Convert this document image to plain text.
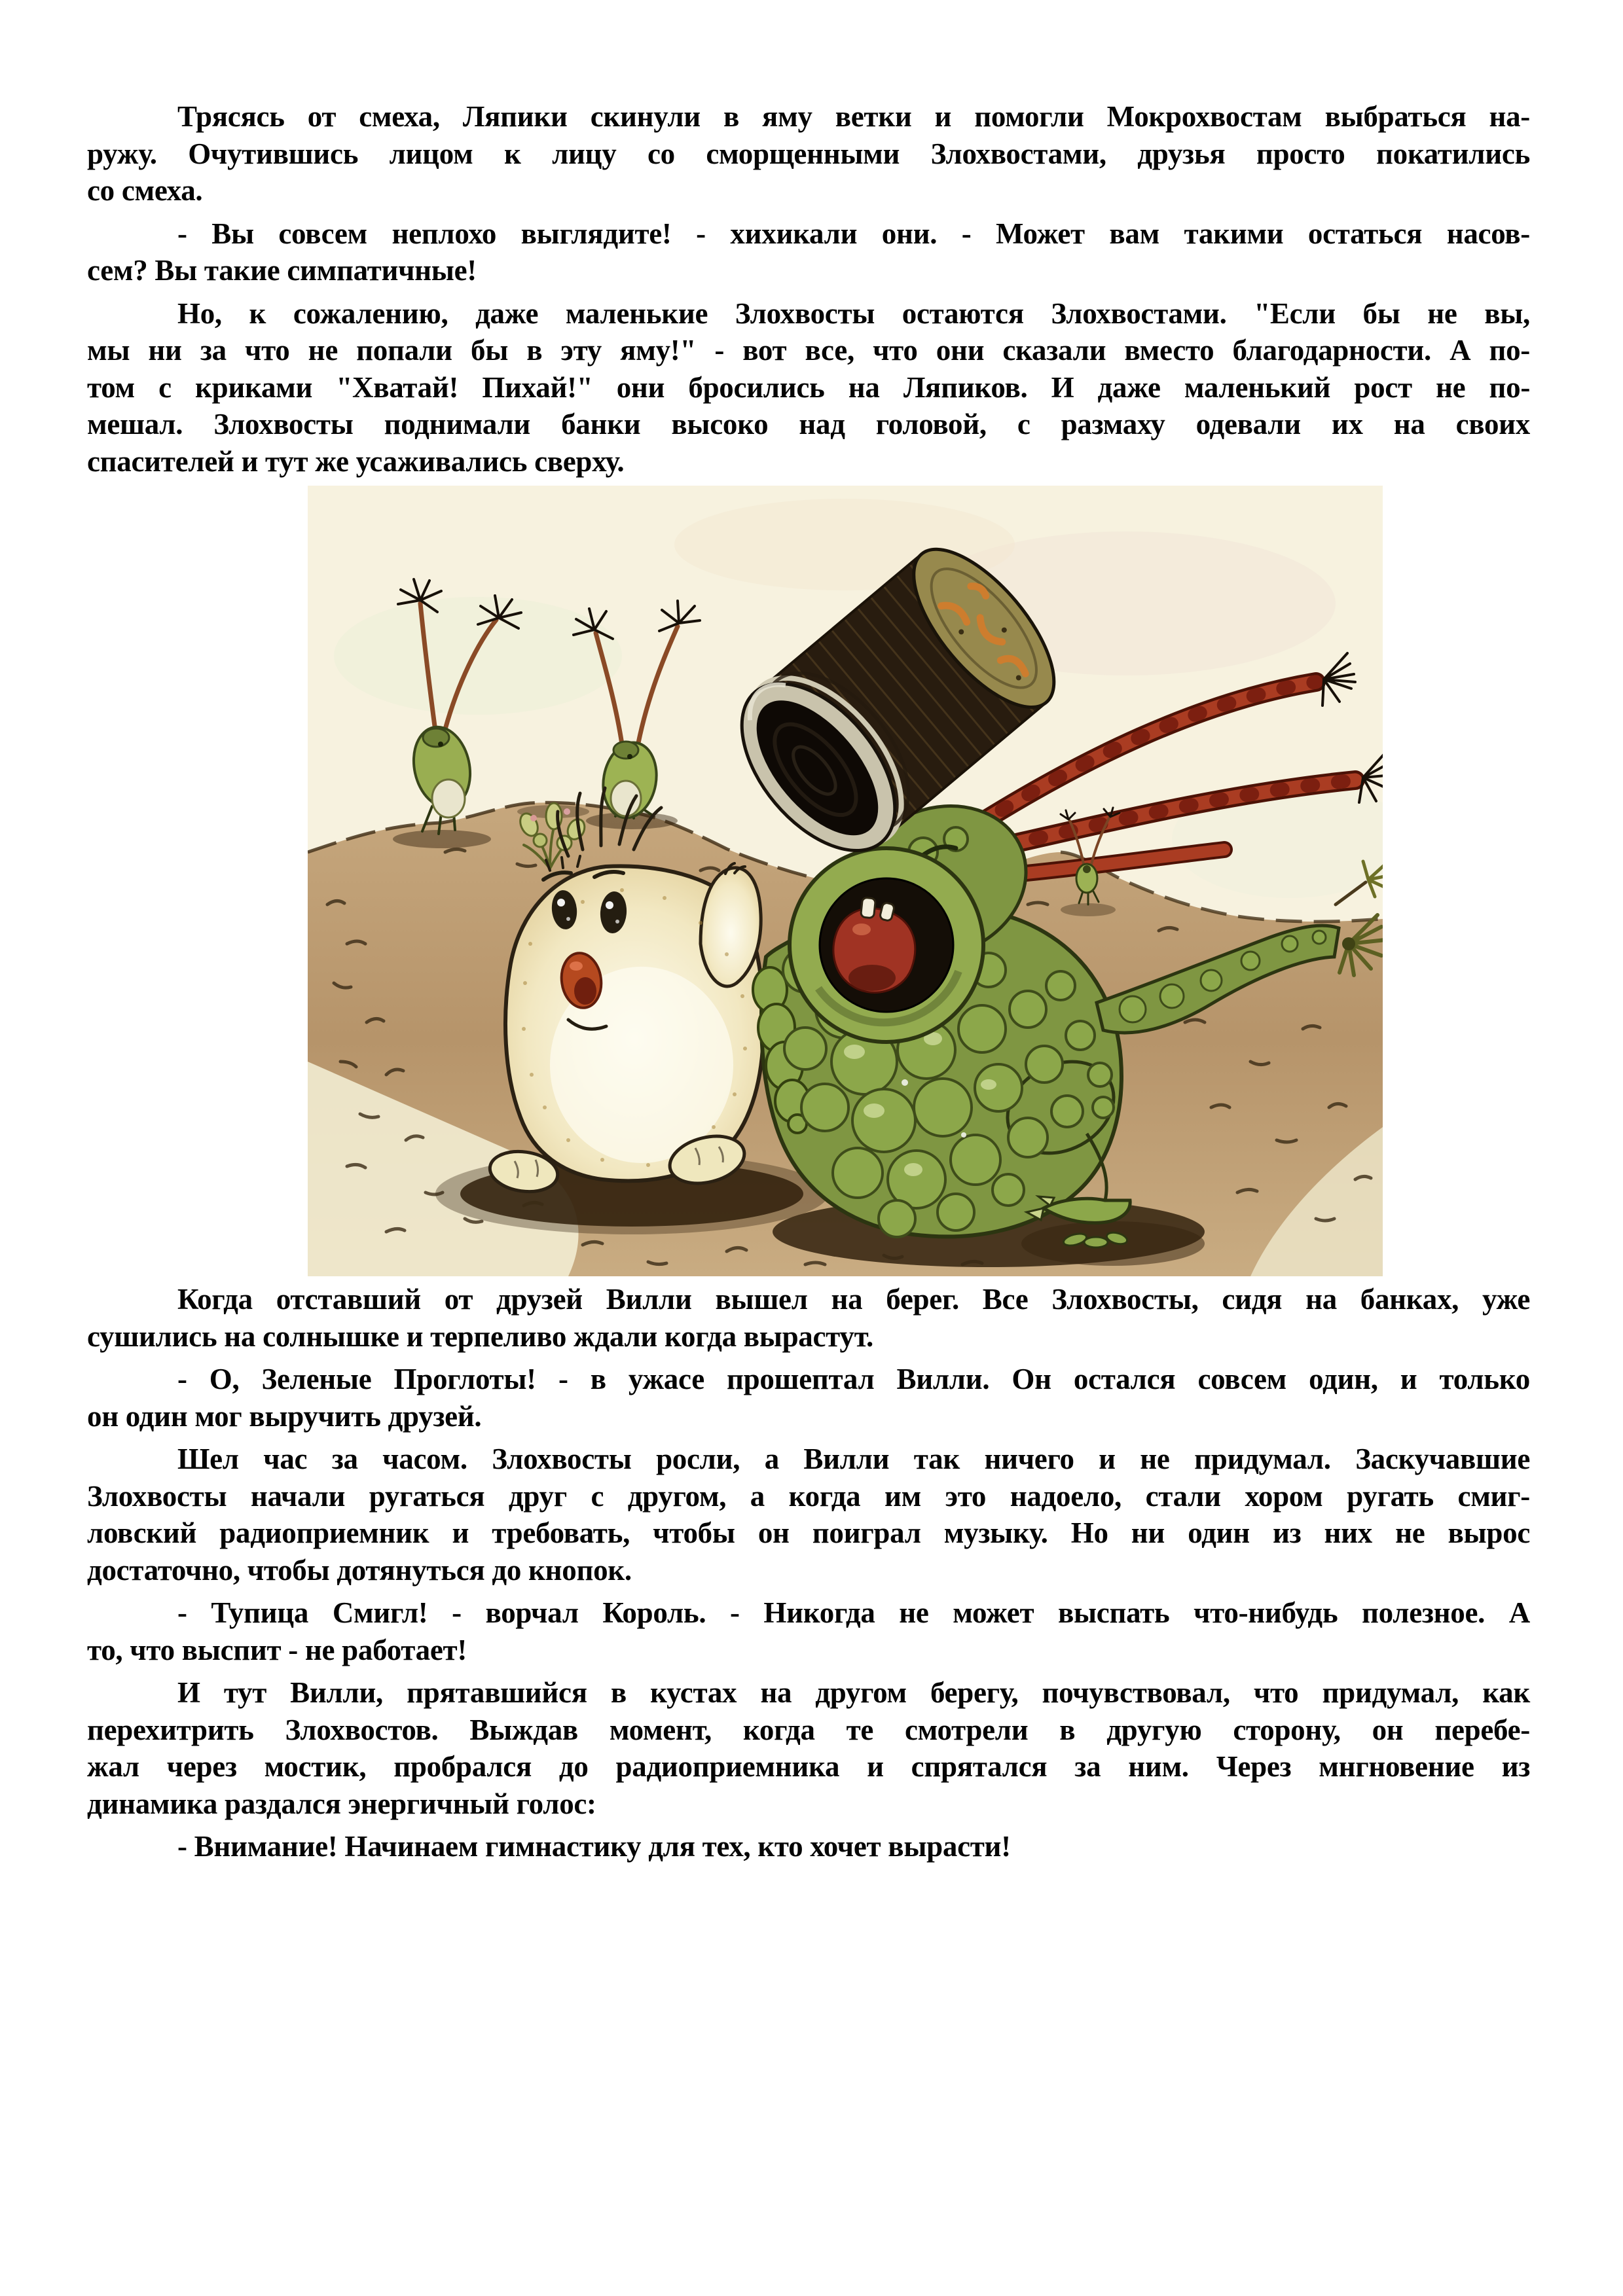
Трясясь от смеха, Ляпики скинули в яму ветки и помогли Мокрохвостам выбраться на-
ружу. Очутившись лицом к лицу со сморщенными Злохвостами, друзья просто покатились
со смеха.
- Вы совсем неплохо выглядите! - хихикали они. - Может вам такими остаться насов-
сем? Вы такие симпатичные!
Но, к сожалению, даже маленькие Злохвосты остаются Злохвостами. "Если бы не вы,
мы ни за что не попали бы в эту яму!" - вот все, что они сказали вместо благодарности. А по-
том с криками "Хватай! Пихай!" они бросились на Ляпиков. И даже маленький рост не по-
мешал. Злохвосты поднимали банки высоко над головой, с размаху одевали их на своих
спасителей и тут же усаживались сверху.
Когда отставший от друзей Вилли вышел на берег. Все Злохвосты, сидя на банках, уже
сушились на солнышке и терпеливо ждали когда вырастут.
- О, Зеленые Проглоты! - в ужасе прошептал Вилли. Он остался совсем один, и только
он один мог выручить друзей.
Шел час за часом. Злохвосты росли, а Вилли так ничего и не придумал. Заскучавшие
Злохвосты начали ругаться друг с другом, а когда им это надоело, стали хором ругать смиг-
ловский радиоприемник и требовать, чтобы он поиграл музыку. Но ни один из них не вырос
достаточно, чтобы дотянуться до кнопок.
- Тупица Смигл! - ворчал Король. - Никогда не может выспать что-нибудь полезное. А
то, что выспит - не работает!
И тут Вилли, прятавшийся в кустах на другом берегу, почувствовал, что придумал, как
перехитрить Злохвостов. Выждав момент, когда те смотрели в другую сторону, он перебе-
жал через мостик, пробрался до радиоприемника и спрятался за ним. Через мнгновение из
динамика раздался энергичный голос:
- Внимание! Начинаем гимнастику для тех, кто хочет вырасти!
